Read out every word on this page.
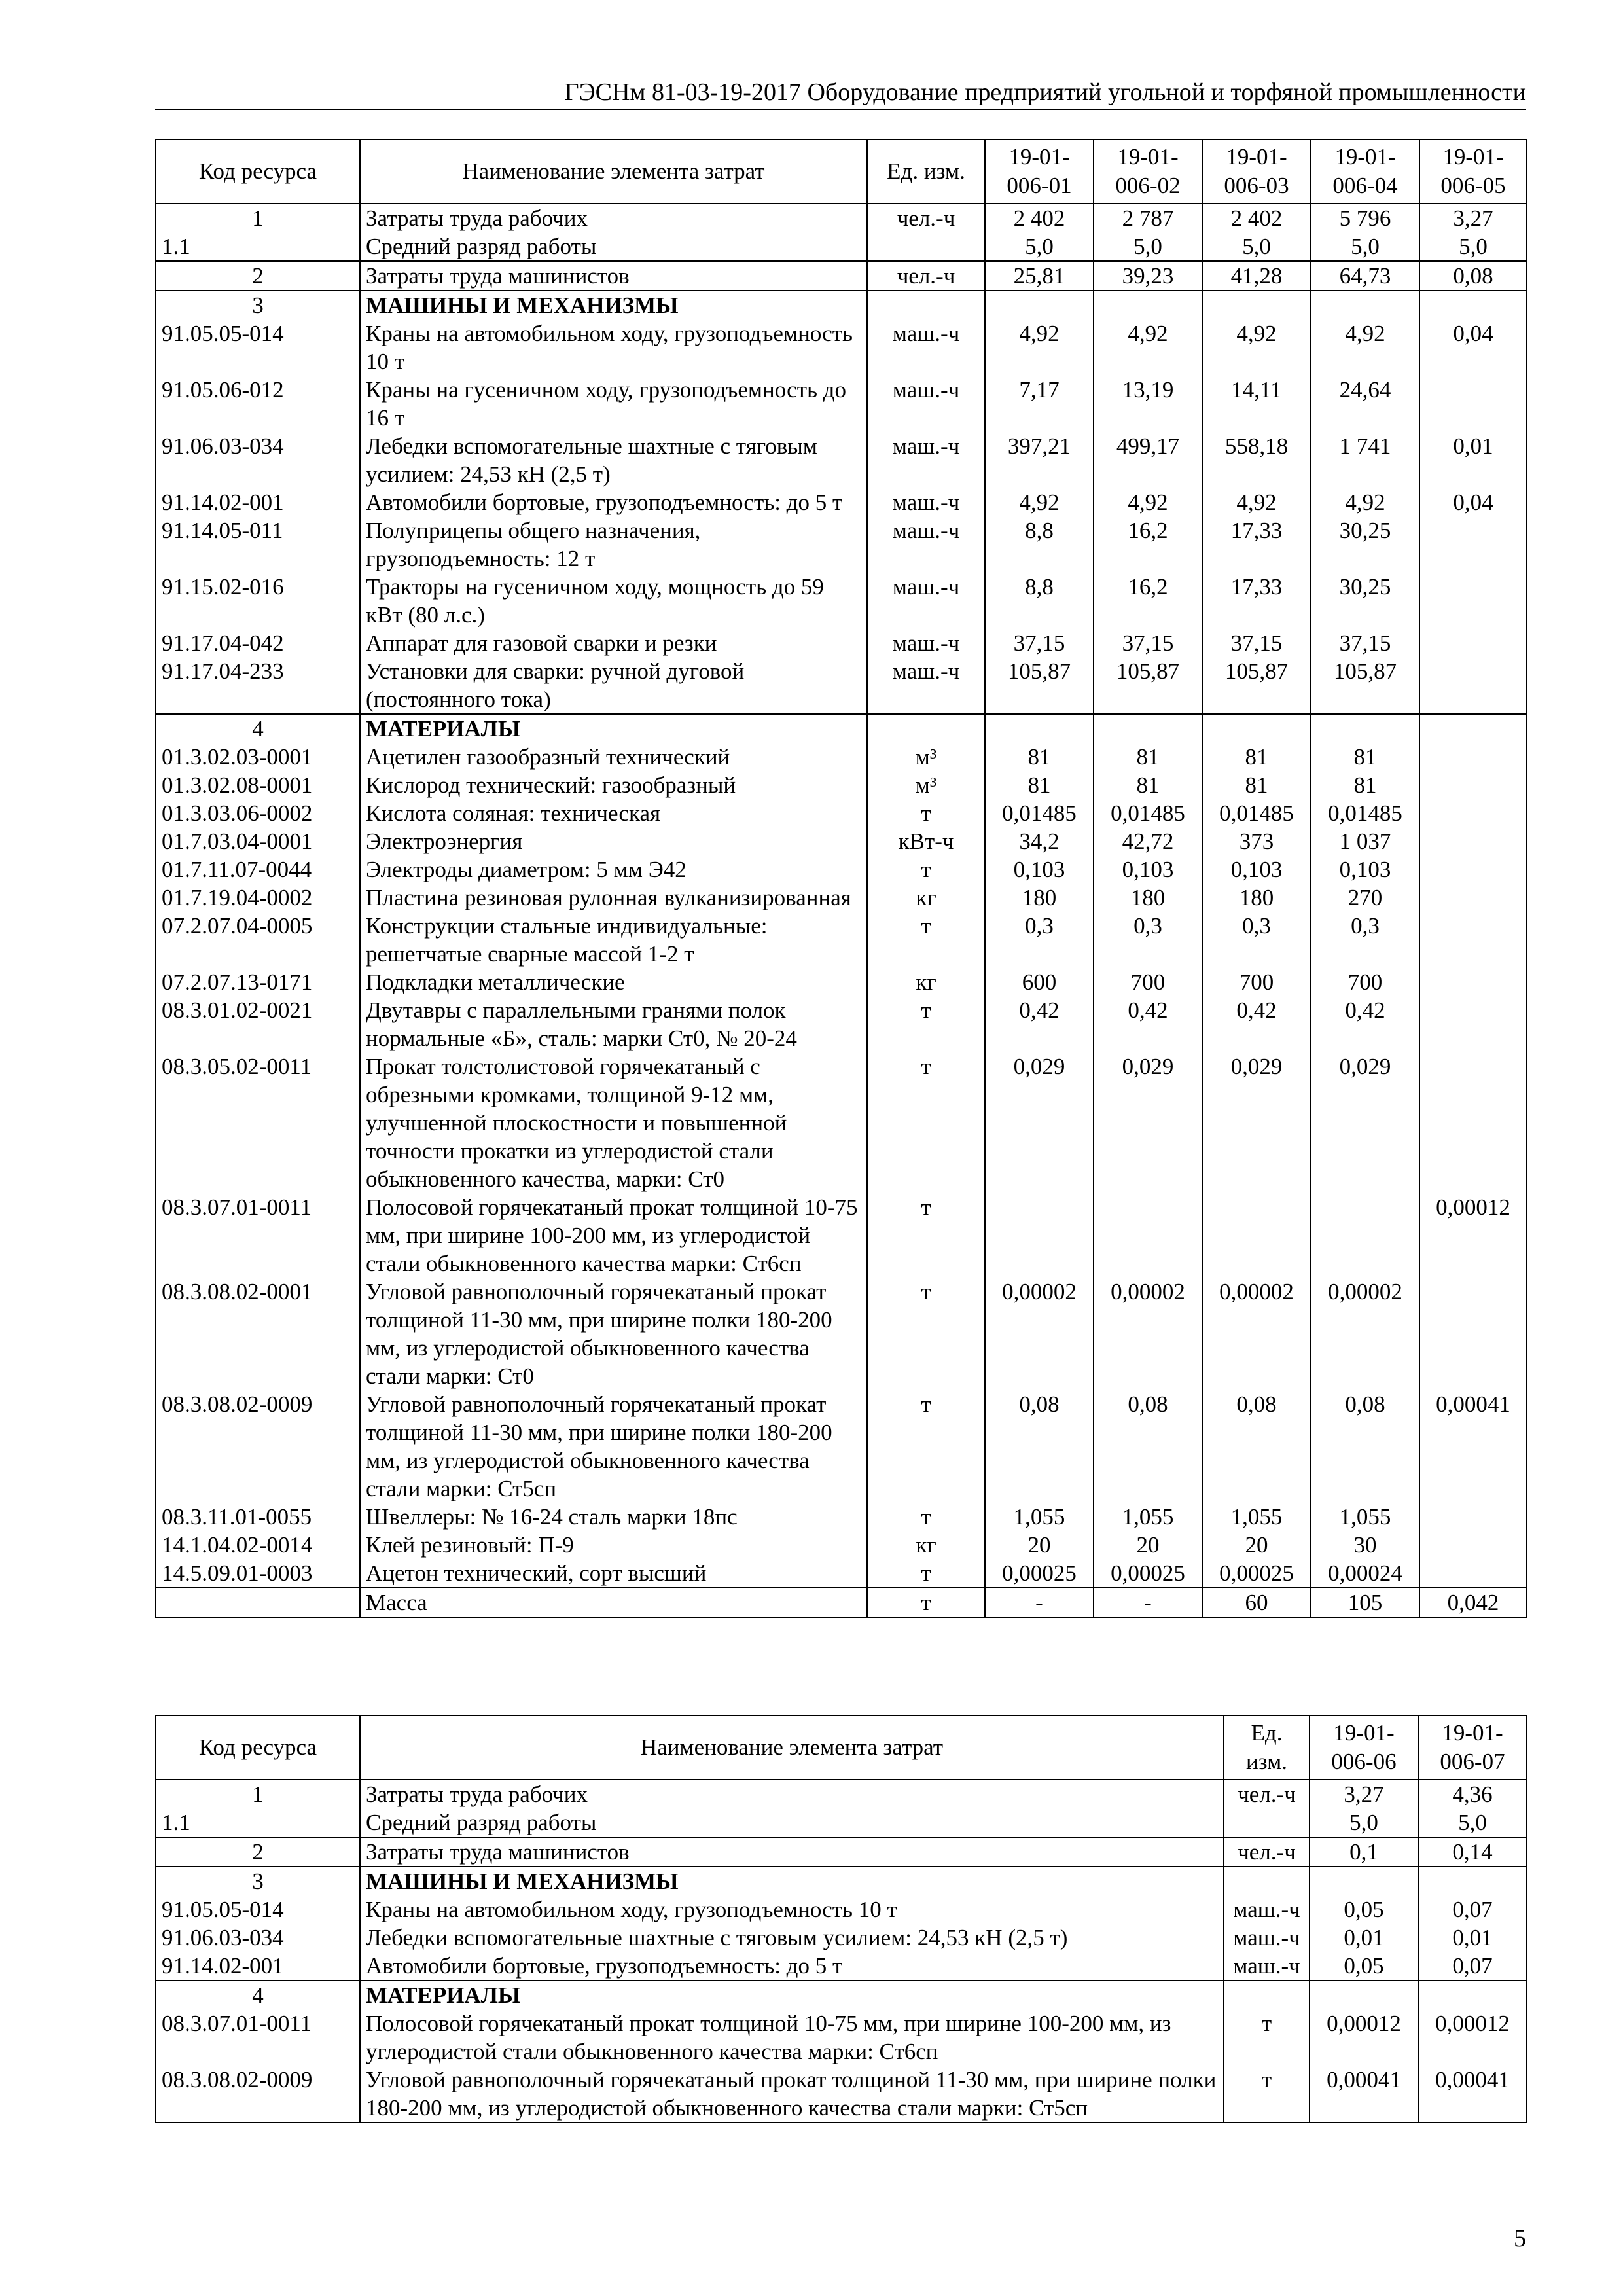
ГЭСНм 81-03-19-2017 Оборудование предприятий угольной и торфяной промышленности
Код ресурса	Наименование элемента затрат	Ед. изм.	19-01-006-01	19-01-006-02	19-01-006-03	19-01-006-04	19-01-006-05
1	Затраты труда рабочих	чел.-ч	2 402	2 787	2 402	5 796	3,27
1.1	Средний разряд работы		5,0	5,0	5,0	5,0	5,0
2	Затраты труда машинистов	чел.-ч	25,81	39,23	41,28	64,73	0,08
3	МАШИНЫ И МЕХАНИЗМЫ						
91.05.05-014	Краны на автомобильном ходу, грузоподъемность 10 т	маш.-ч	4,92	4,92	4,92	4,92	0,04
91.05.06-012	Краны на гусеничном ходу, грузоподъемность до 16 т	маш.-ч	7,17	13,19	14,11	24,64	
91.06.03-034	Лебедки вспомогательные шахтные с тяговым усилием: 24,53 кН (2,5 т)	маш.-ч	397,21	499,17	558,18	1 741	0,01
91.14.02-001	Автомобили бортовые, грузоподъемность: до 5 т	маш.-ч	4,92	4,92	4,92	4,92	0,04
91.14.05-011	Полуприцепы общего назначения, грузоподъемность: 12 т	маш.-ч	8,8	16,2	17,33	30,25	
91.15.02-016	Тракторы на гусеничном ходу, мощность до 59 кВт (80 л.с.)	маш.-ч	8,8	16,2	17,33	30,25	
91.17.04-042	Аппарат для газовой сварки и резки	маш.-ч	37,15	37,15	37,15	37,15	
91.17.04-233	Установки для сварки: ручной дуговой (постоянного тока)	маш.-ч	105,87	105,87	105,87	105,87	
4	МАТЕРИАЛЫ						
01.3.02.03-0001	Ацетилен газообразный технический	м³	81	81	81	81	
01.3.02.08-0001	Кислород технический: газообразный	м³	81	81	81	81	
01.3.03.06-0002	Кислота соляная: техническая	т	0,01485	0,01485	0,01485	0,01485	
01.7.03.04-0001	Электроэнергия	кВт-ч	34,2	42,72	373	1 037	
01.7.11.07-0044	Электроды диаметром: 5 мм Э42	т	0,103	0,103	0,103	0,103	
01.7.19.04-0002	Пластина резиновая рулонная вулканизированная	кг	180	180	180	270	
07.2.07.04-0005	Конструкции стальные индивидуальные: решетчатые сварные массой 1-2 т	т	0,3	0,3	0,3	0,3	
07.2.07.13-0171	Подкладки металлические	кг	600	700	700	700	
08.3.01.02-0021	Двутавры с параллельными гранями полок нормальные «Б», сталь: марки Ст0, № 20-24	т	0,42	0,42	0,42	0,42	
08.3.05.02-0011	Прокат толстолистовой горячекатаный с обрезными кромками, толщиной 9-12 мм, улучшенной плоскостности и повышенной точности прокатки из углеродистой стали обыкновенного качества, марки: Ст0	т	0,029	0,029	0,029	0,029	
08.3.07.01-0011	Полосовой горячекатаный прокат толщиной 10-75 мм, при ширине 100-200 мм, из углеродистой стали обыкновенного качества марки: Ст6сп	т					0,00012
08.3.08.02-0001	Угловой равнополочный горячекатаный прокат толщиной 11-30 мм, при ширине полки 180-200 мм, из углеродистой обыкновенного качества стали марки: Ст0	т	0,00002	0,00002	0,00002	0,00002	
08.3.08.02-0009	Угловой равнополочный горячекатаный прокат толщиной 11-30 мм, при ширине полки 180-200 мм, из углеродистой обыкновенного качества стали марки: Ст5сп	т	0,08	0,08	0,08	0,08	0,00041
08.3.11.01-0055	Швеллеры: № 16-24 сталь марки 18пс	т	1,055	1,055	1,055	1,055	
14.1.04.02-0014	Клей резиновый: П-9	кг	20	20	20	30	
14.5.09.01-0003	Ацетон технический, сорт высший	т	0,00025	0,00025	0,00025	0,00024	
	Масса	т	-	-	60	105	0,042
Код ресурса	Наименование элемента затрат	Ед. изм.	19-01-006-06	19-01-006-07
1	Затраты труда рабочих	чел.-ч	3,27	4,36
1.1	Средний разряд работы		5,0	5,0
2	Затраты труда машинистов	чел.-ч	0,1	0,14
3	МАШИНЫ И МЕХАНИЗМЫ			
91.05.05-014	Краны на автомобильном ходу, грузоподъемность 10 т	маш.-ч	0,05	0,07
91.06.03-034	Лебедки вспомогательные шахтные с тяговым усилием: 24,53 кН (2,5 т)	маш.-ч	0,01	0,01
91.14.02-001	Автомобили бортовые, грузоподъемность: до 5 т	маш.-ч	0,05	0,07
4	МАТЕРИАЛЫ			
08.3.07.01-0011	Полосовой горячекатаный прокат толщиной 10-75 мм, при ширине 100-200 мм, из углеродистой стали обыкновенного качества марки: Ст6сп	т	0,00012	0,00012
08.3.08.02-0009	Угловой равнополочный горячекатаный прокат толщиной 11-30 мм, при ширине полки 180-200 мм, из углеродистой обыкновенного качества стали марки: Ст5сп	т	0,00041	0,00041
5
